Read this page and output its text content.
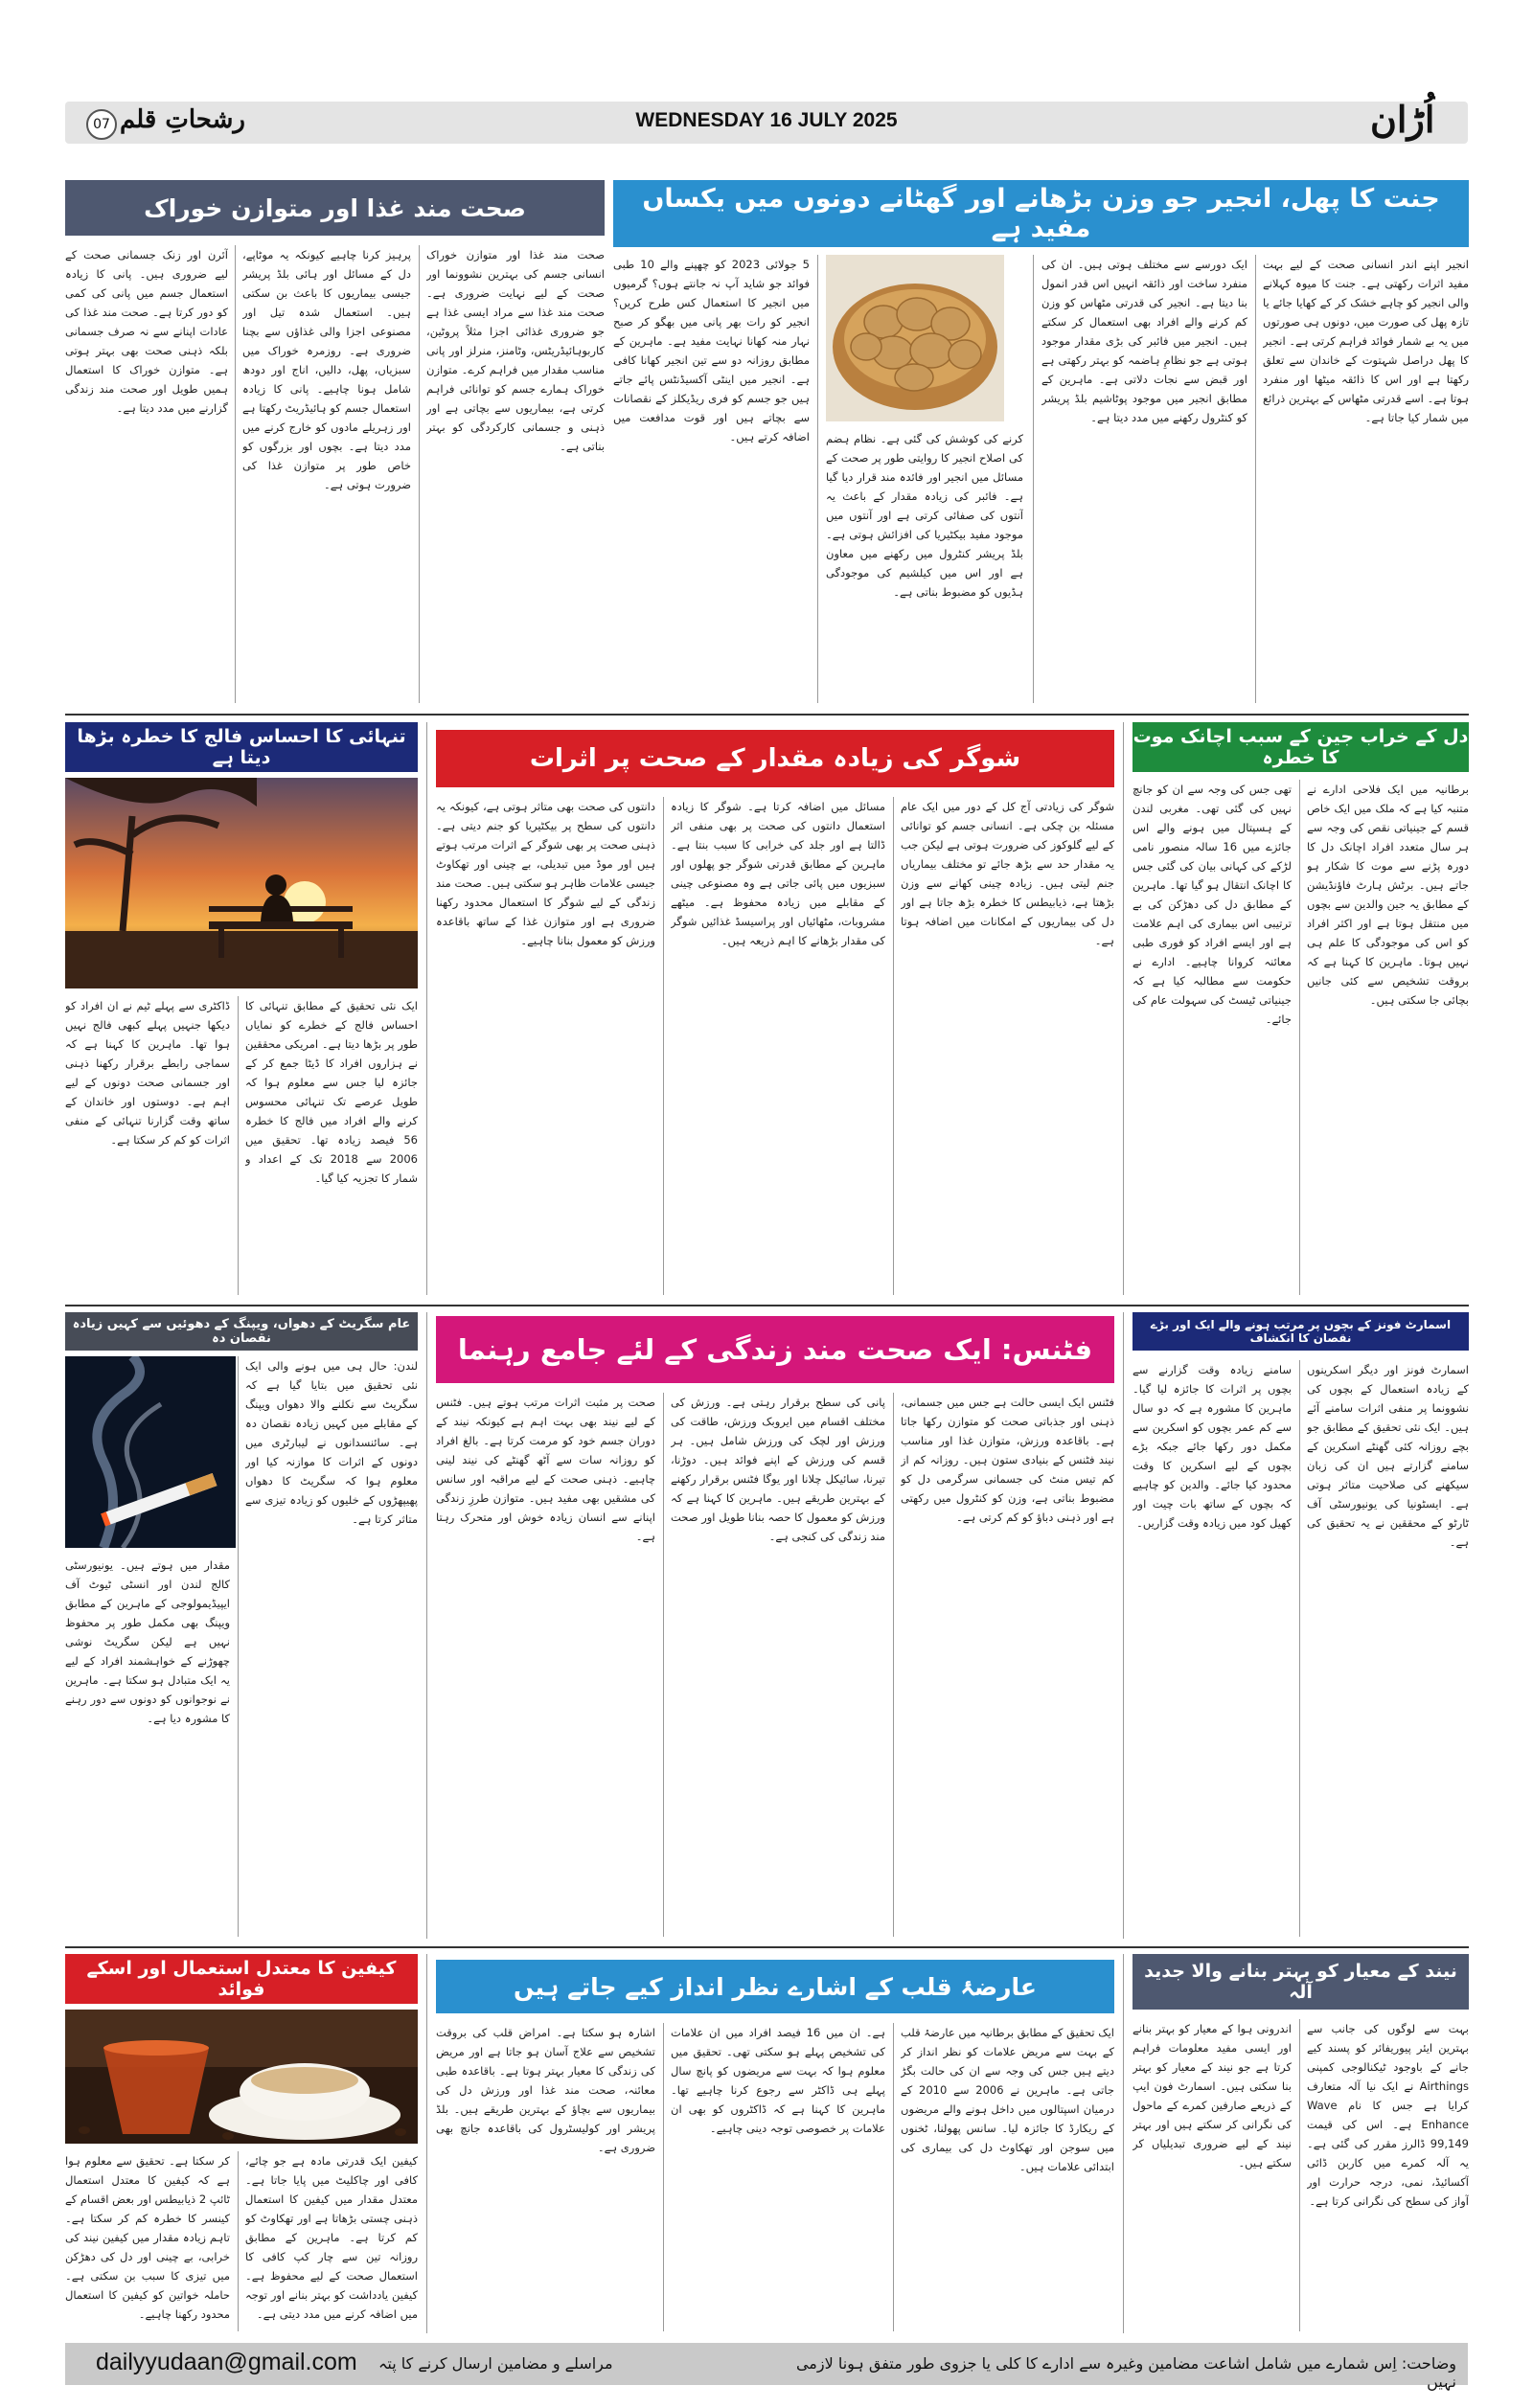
07 رشحاتِ قلم	WEDNESDAY 16 JULY 2025	اُڑان
جنت کا پھل، انجیر جو وزن بڑھانے اور گھٹانے دونوں میں یکساں مفید ہے

انجیر اپنے اندر انسانی صحت کے لیے بہت مفید اثرات رکھتی ہے۔ جنت کا میوہ کہلانے والی انجیر کو چاہے خشک کر کے کھایا جائے یا تازہ پھل کی صورت میں، دونوں ہی صورتوں میں یہ بے شمار فوائد فراہم کرتی ہے۔ انجیر کا پھل دراصل شہتوت کے خاندان سے تعلق رکھتا ہے اور اس کا ذائقہ میٹھا اور منفرد ہوتا ہے۔ اسے قدرتی مٹھاس کے بہترین ذرائع میں شمار کیا جاتا ہے۔

ایک دورسے سے مختلف ہوتی ہیں۔ ان کی منفرد ساخت اور ذائقہ انہیں اس قدر انمول بنا دیتا ہے۔ انجیر کی قدرتی مٹھاس کو وزن کم کرنے والے افراد بھی استعمال کر سکتے ہیں۔ انجیر میں فائبر کی بڑی مقدار موجود ہوتی ہے جو نظامِ ہاضمہ کو بہتر رکھتی ہے اور قبض سے نجات دلاتی ہے۔ ماہرین کے مطابق انجیر میں موجود پوٹاشیم بلڈ پریشر کو کنٹرول رکھنے میں مدد دیتا ہے۔

کرنے کی کوشش کی گئی ہے۔ نظام ہضم کی اصلاح انجیر کا روایتی طور پر صحت کے مسائل میں انجیر اور فائدہ مند قرار دیا گیا ہے۔ فائبر کی زیادہ مقدار کے باعث یہ آنتوں کی صفائی کرتی ہے اور آنتوں میں موجود مفید بیکٹیریا کی افزائش ہوتی ہے۔ بلڈ پریشر کنٹرول میں رکھنے میں معاون ہے اور اس میں کیلشیم کی موجودگی ہڈیوں کو مضبوط بناتی ہے۔

5 جولائی 2023 کو چھپنے والے 10 طبی فوائد جو شاید آپ نہ جانتے ہوں؟ گرمیوں میں انجیر کا استعمال کس طرح کریں؟ انجیر کو رات بھر پانی میں بھگو کر صبح نہار منہ کھانا نہایت مفید ہے۔ ماہرین کے مطابق روزانہ دو سے تین انجیر کھانا کافی ہے۔ انجیر میں اینٹی آکسیڈنٹس پائے جاتے ہیں جو جسم کو فری ریڈیکلز کے نقصانات سے بچاتے ہیں اور قوت مدافعت میں اضافہ کرتے ہیں۔

صحت مند غذا اور متوازن خوراک

صحت مند غذا اور متوازن خوراک انسانی جسم کی بہترین نشوونما اور صحت کے لیے نہایت ضروری ہے۔ صحت مند غذا سے مراد ایسی غذا ہے جو ضروری غذائی اجزا مثلاً پروٹین، کاربوہائیڈریٹس، وٹامنز، منرلز اور پانی مناسب مقدار میں فراہم کرے۔ متوازن خوراک ہمارے جسم کو توانائی فراہم کرتی ہے، بیماریوں سے بچاتی ہے اور ذہنی و جسمانی کارکردگی کو بہتر بناتی ہے۔

پرہیز کرنا چاہیے کیونکہ یہ موٹاپے، دل کے مسائل اور ہائی بلڈ پریشر جیسی بیماریوں کا باعث بن سکتی ہیں۔ استعمال شدہ تیل اور مصنوعی اجزا والی غذاؤں سے بچنا ضروری ہے۔ روزمرہ خوراک میں سبزیاں، پھل، دالیں، اناج اور دودھ شامل ہونا چاہیے۔ پانی کا زیادہ استعمال جسم کو ہائیڈریٹ رکھتا ہے اور زہریلے مادوں کو خارج کرنے میں مدد دیتا ہے۔ بچوں اور بزرگوں کو خاص طور پر متوازن غذا کی ضرورت ہوتی ہے۔

آئرن اور زنک جسمانی صحت کے لیے ضروری ہیں۔ پانی کا زیادہ استعمال جسم میں پانی کی کمی کو دور کرتا ہے۔ صحت مند غذا کی عادات اپنانے سے نہ صرف جسمانی بلکہ ذہنی صحت بھی بہتر ہوتی ہے۔ متوازن خوراک کا استعمال ہمیں طویل اور صحت مند زندگی گزارنے میں مدد دیتا ہے۔

دل کے خراب جین کے سبب اچانک موت کا خطرہ

برطانیہ میں ایک فلاحی ادارے نے متنبہ کیا ہے کہ ملک میں ایک خاص قسم کے جینیاتی نقص کی وجہ سے ہر سال متعدد افراد اچانک دل کا دورہ پڑنے سے موت کا شکار ہو جاتے ہیں۔ برٹش ہارٹ فاؤنڈیشن کے مطابق یہ جین والدین سے بچوں میں منتقل ہوتا ہے اور اکثر افراد کو اس کی موجودگی کا علم ہی نہیں ہوتا۔ ماہرین کا کہنا ہے کہ بروقت تشخیص سے کئی جانیں بچائی جا سکتی ہیں۔

تھی جس کی وجہ سے ان کو جانچ نہیں کی گئی تھی۔ مغربی لندن کے ہسپتال میں ہونے والے اس جائزے میں 16 سالہ منصور نامی لڑکے کی کہانی بیان کی گئی جس کا اچانک انتقال ہو گیا تھا۔ ماہرین کے مطابق دل کی دھڑکن کی بے ترتیبی اس بیماری کی اہم علامت ہے اور ایسے افراد کو فوری طبی معائنہ کروانا چاہیے۔ ادارے نے حکومت سے مطالبہ کیا ہے کہ جینیاتی ٹیسٹ کی سہولت عام کی جائے۔

شوگر کی زیادہ مقدار کے صحت پر اثرات

شوگر کی زیادتی آج کل کے دور میں ایک عام مسئلہ بن چکی ہے۔ انسانی جسم کو توانائی کے لیے گلوکوز کی ضرورت ہوتی ہے لیکن جب یہ مقدار حد سے بڑھ جائے تو مختلف بیماریاں جنم لیتی ہیں۔ زیادہ چینی کھانے سے وزن بڑھتا ہے، ذیابیطس کا خطرہ بڑھ جاتا ہے اور دل کی بیماریوں کے امکانات میں اضافہ ہوتا ہے۔

مسائل میں اضافہ کرتا ہے۔ شوگر کا زیادہ استعمال دانتوں کی صحت پر بھی منفی اثر ڈالتا ہے اور جلد کی خرابی کا سبب بنتا ہے۔ ماہرین کے مطابق قدرتی شوگر جو پھلوں اور سبزیوں میں پائی جاتی ہے وہ مصنوعی چینی کے مقابلے میں زیادہ محفوظ ہے۔ میٹھے مشروبات، مٹھائیاں اور پراسیسڈ غذائیں شوگر کی مقدار بڑھانے کا اہم ذریعہ ہیں۔

دانتوں کی صحت بھی متاثر ہوتی ہے، کیونکہ یہ دانتوں کی سطح پر بیکٹیریا کو جنم دیتی ہے۔ ذہنی صحت پر بھی شوگر کے اثرات مرتب ہوتے ہیں اور موڈ میں تبدیلی، بے چینی اور تھکاوٹ جیسی علامات ظاہر ہو سکتی ہیں۔ صحت مند زندگی کے لیے شوگر کا استعمال محدود رکھنا ضروری ہے اور متوازن غذا کے ساتھ باقاعدہ ورزش کو معمول بنانا چاہیے۔

تنہائی کا احساس فالج کا خطرہ بڑھا دیتا ہے

ایک نئی تحقیق کے مطابق تنہائی کا احساس فالج کے خطرے کو نمایاں طور پر بڑھا دیتا ہے۔ امریکی محققین نے ہزاروں افراد کا ڈیٹا جمع کر کے جائزہ لیا جس سے معلوم ہوا کہ طویل عرصے تک تنہائی محسوس کرنے والے افراد میں فالج کا خطرہ 56 فیصد زیادہ تھا۔ تحقیق میں 2006 سے 2018 تک کے اعداد و شمار کا تجزیہ کیا گیا۔

ڈاکٹری سے پہلے ٹیم نے ان افراد کو دیکھا جنہیں پہلے کبھی فالج نہیں ہوا تھا۔ ماہرین کا کہنا ہے کہ سماجی رابطے برقرار رکھنا ذہنی اور جسمانی صحت دونوں کے لیے اہم ہے۔ دوستوں اور خاندان کے ساتھ وقت گزارنا تنہائی کے منفی اثرات کو کم کر سکتا ہے۔

عام سگریٹ کے دھواں، ویپنگ کے دھوئیں سے کہیں زیادہ نقصان دہ

لندن: حال ہی میں ہونے والی ایک نئی تحقیق میں بتایا گیا ہے کہ سگریٹ سے نکلنے والا دھواں ویپنگ کے مقابلے میں کہیں زیادہ نقصان دہ ہے۔ سائنسدانوں نے لیبارٹری میں دونوں کے اثرات کا موازنہ کیا اور معلوم ہوا کہ سگریٹ کا دھواں پھیپھڑوں کے خلیوں کو زیادہ تیزی سے متاثر کرتا ہے۔

مقدار میں ہوتے ہیں۔ یونیورسٹی کالج لندن اور انسٹی ٹیوٹ آف ایپیڈیمولوجی کے ماہرین کے مطابق ویپنگ بھی مکمل طور پر محفوظ نہیں ہے لیکن سگریٹ نوشی چھوڑنے کے خواہشمند افراد کے لیے یہ ایک متبادل ہو سکتا ہے۔ ماہرین نے نوجوانوں کو دونوں سے دور رہنے کا مشورہ دیا ہے۔

فٹنس: ایک صحت مند زندگی کے لئے جامع رہنما

فٹنس ایک ایسی حالت ہے جس میں جسمانی، ذہنی اور جذباتی صحت کو متوازن رکھا جاتا ہے۔ باقاعدہ ورزش، متوازن غذا اور مناسب نیند فٹنس کے بنیادی ستون ہیں۔ روزانہ کم از کم تیس منٹ کی جسمانی سرگرمی دل کو مضبوط بناتی ہے، وزن کو کنٹرول میں رکھتی ہے اور ذہنی دباؤ کو کم کرتی ہے۔

پانی کی سطح برقرار رہتی ہے۔ ورزش کی مختلف اقسام میں ایروبک ورزش، طاقت کی ورزش اور لچک کی ورزش شامل ہیں۔ ہر قسم کی ورزش کے اپنے فوائد ہیں۔ دوڑنا، تیرنا، سائیکل چلانا اور یوگا فٹنس برقرار رکھنے کے بہترین طریقے ہیں۔ ماہرین کا کہنا ہے کہ ورزش کو معمول کا حصہ بنانا طویل اور صحت مند زندگی کی کنجی ہے۔

صحت پر مثبت اثرات مرتب ہوتے ہیں۔ فٹنس کے لیے نیند بھی بہت اہم ہے کیونکہ نیند کے دوران جسم خود کو مرمت کرتا ہے۔ بالغ افراد کو روزانہ سات سے آٹھ گھنٹے کی نیند لینی چاہیے۔ ذہنی صحت کے لیے مراقبہ اور سانس کی مشقیں بھی مفید ہیں۔ متوازن طرزِ زندگی اپنانے سے انسان زیادہ خوش اور متحرک رہتا ہے۔

اسمارٹ فونز کے بچوں پر مرتب ہونے والے ایک اور بڑے نقصان کا انکشاف

اسمارٹ فونز اور دیگر اسکرینوں کے زیادہ استعمال کے بچوں کی نشوونما پر منفی اثرات سامنے آئے ہیں۔ ایک نئی تحقیق کے مطابق جو بچے روزانہ کئی گھنٹے اسکرین کے سامنے گزارتے ہیں ان کی زبان سیکھنے کی صلاحیت متاثر ہوتی ہے۔ ایسٹونیا کی یونیورسٹی آف ٹارٹو کے محققین نے یہ تحقیق کی ہے۔

سامنے زیادہ وقت گزارنے سے بچوں پر اثرات کا جائزہ لیا گیا۔ ماہرین کا مشورہ ہے کہ دو سال سے کم عمر بچوں کو اسکرین سے مکمل دور رکھا جائے جبکہ بڑے بچوں کے لیے اسکرین کا وقت محدود کیا جائے۔ والدین کو چاہیے کہ بچوں کے ساتھ بات چیت اور کھیل کود میں زیادہ وقت گزاریں۔

کیفین کا معتدل استعمال اور اسکے فوائد

کیفین ایک قدرتی مادہ ہے جو چائے، کافی اور چاکلیٹ میں پایا جاتا ہے۔ معتدل مقدار میں کیفین کا استعمال ذہنی چستی بڑھاتا ہے اور تھکاوٹ کو کم کرتا ہے۔ ماہرین کے مطابق روزانہ تین سے چار کپ کافی کا استعمال صحت کے لیے محفوظ ہے۔ کیفین یادداشت کو بہتر بنانے اور توجہ میں اضافہ کرنے میں مدد دیتی ہے۔

کر سکتا ہے۔ تحقیق سے معلوم ہوا ہے کہ کیفین کا معتدل استعمال ٹائپ 2 ذیابیطس اور بعض اقسام کے کینسر کا خطرہ کم کر سکتا ہے۔ تاہم زیادہ مقدار میں کیفین نیند کی خرابی، بے چینی اور دل کی دھڑکن میں تیزی کا سبب بن سکتی ہے۔ حاملہ خواتین کو کیفین کا استعمال محدود رکھنا چاہیے۔

عارضۂ قلب کے اشارے نظر انداز کیے جاتے ہیں

ایک تحقیق کے مطابق برطانیہ میں عارضۂ قلب کے بہت سے مریض علامات کو نظر انداز کر دیتے ہیں جس کی وجہ سے ان کی حالت بگڑ جاتی ہے۔ ماہرین نے 2006 سے 2010 کے درمیان اسپتالوں میں داخل ہونے والے مریضوں کے ریکارڈ کا جائزہ لیا۔ سانس پھولنا، ٹخنوں میں سوجن اور تھکاوٹ دل کی بیماری کی ابتدائی علامات ہیں۔

ہے۔ ان میں 16 فیصد افراد میں ان علامات کی تشخیص پہلے ہو سکتی تھی۔ تحقیق میں معلوم ہوا کہ بہت سے مریضوں کو پانچ سال پہلے ہی ڈاکٹر سے رجوع کرنا چاہیے تھا۔ ماہرین کا کہنا ہے کہ ڈاکٹروں کو بھی ان علامات پر خصوصی توجہ دینی چاہیے۔

اشارہ ہو سکتا ہے۔ امراض قلب کی بروقت تشخیص سے علاج آسان ہو جاتا ہے اور مریض کی زندگی کا معیار بہتر ہوتا ہے۔ باقاعدہ طبی معائنہ، صحت مند غذا اور ورزش دل کی بیماریوں سے بچاؤ کے بہترین طریقے ہیں۔ بلڈ پریشر اور کولیسٹرول کی باقاعدہ جانچ بھی ضروری ہے۔

نیند کے معیار کو بہتر بنانے والا جدید آلہ

بہت سے لوگوں کی جانب سے بہترین ایئر پیوریفائر کو پسند کیے جانے کے باوجود ٹیکنالوجی کمپنی Airthings نے ایک نیا آلہ متعارف کرایا ہے جس کا نام Wave Enhance ہے۔ اس کی قیمت 99,149 ڈالرز مقرر کی گئی ہے۔ یہ آلہ کمرے میں کاربن ڈائی آکسائیڈ، نمی، درجہ حرارت اور آواز کی سطح کی نگرانی کرتا ہے۔

اندرونی ہوا کے معیار کو بہتر بنانے اور ایسی مفید معلومات فراہم کرتا ہے جو نیند کے معیار کو بہتر بنا سکتی ہیں۔ اسمارٹ فون ایپ کے ذریعے صارفین کمرے کے ماحول کی نگرانی کر سکتے ہیں اور بہتر نیند کے لیے ضروری تبدیلیاں کر سکتے ہیں۔

dailyyudaan@gmail.com مراسلے و مضامین ارسال کرنے کا پتہ	وضاحت: اِس شمارے میں شامل اشاعت مضامین وغیرہ سے ادارے کا کلی یا جزوی طور متفق ہونا لازمی نہیں
